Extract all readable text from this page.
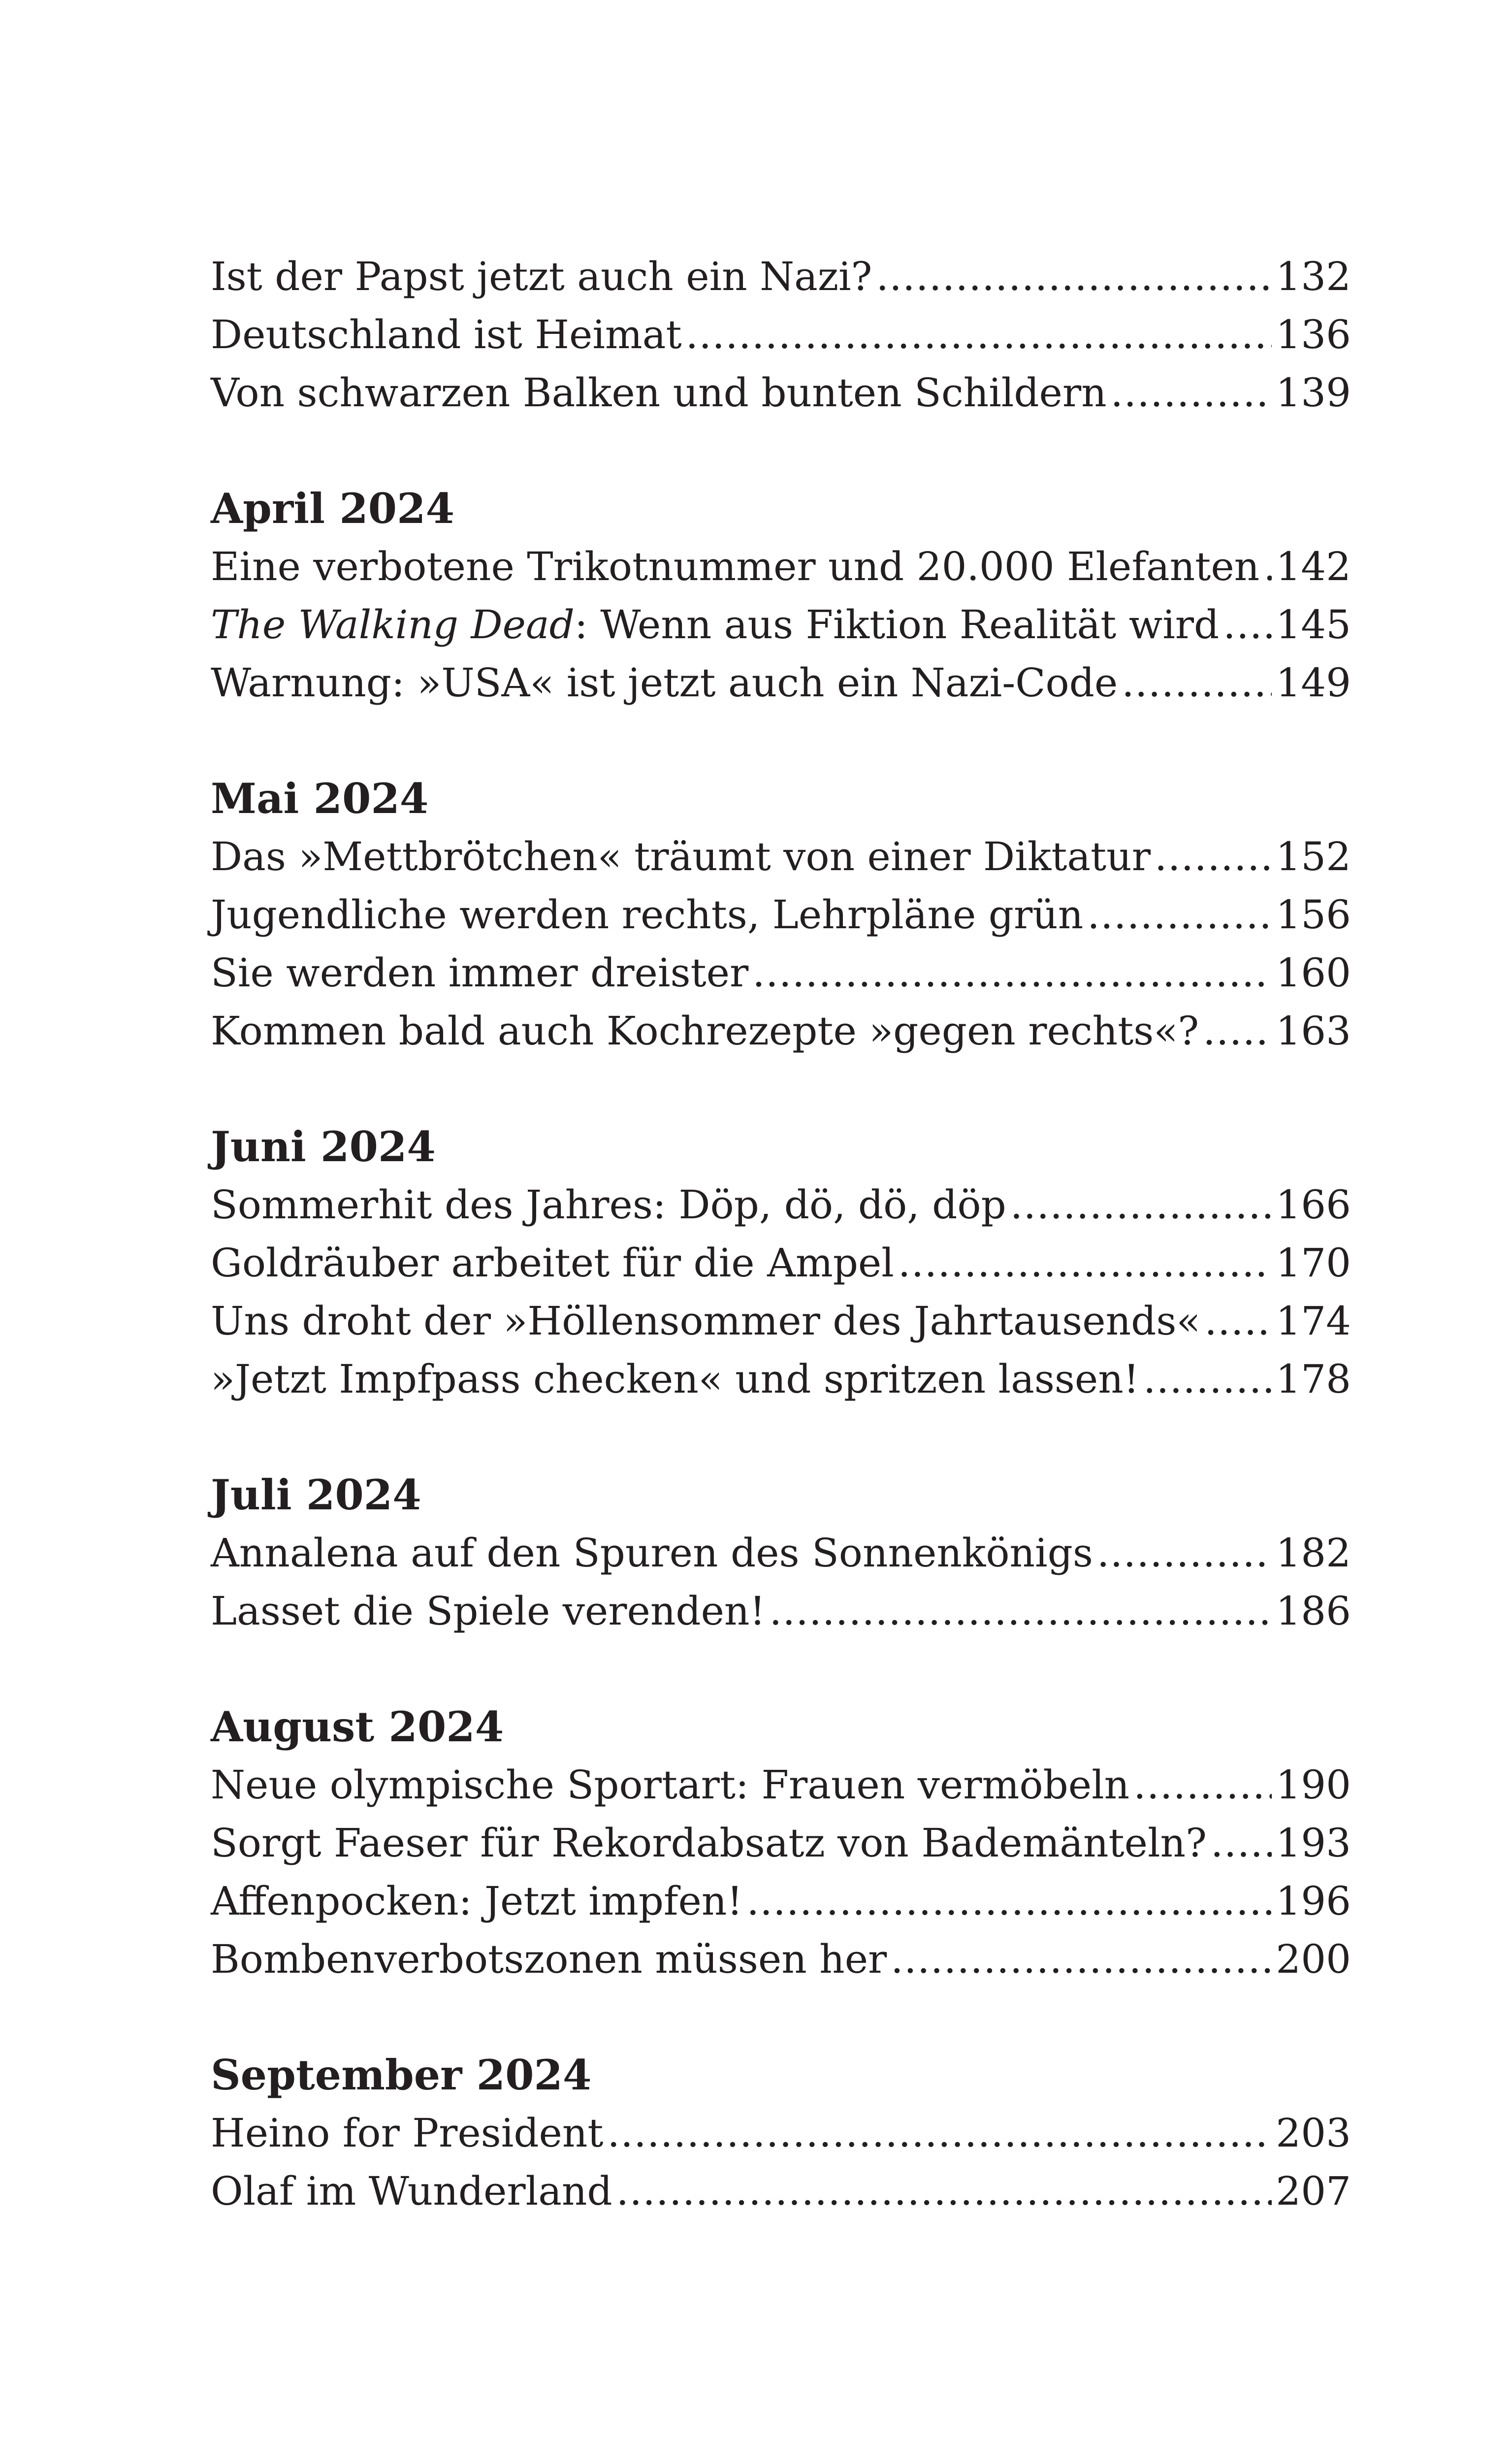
Ist der Papst jetzt auch ein Nazi? . . .	132
Deutschland ist Heimat . . .	136
Von schwarzen Balken und bunten Schildern . . .	139
April 2024
Eine verbotene Trikotnummer und 20.000 Elefanten . . . 142
The Walking Dead: Wenn aus Fiktion Realität wird . . . 145
Warnung: »USA« ist jetzt auch ein Nazi-Code . . .	149
Mai 2024
Das »Mettbrötchen« träumt von einer Diktatur . . .	152
Jugendliche werden rechts, Lehrpläne grün . . .	156
Sie werden immer dreister . . .	160
Kommen bald auch Kochrezepte »gegen rechts«? . . . 163
Juni 2024
Sommerhit des Jahres: Döp, dö, dö, döp . . .	166
Goldräuber arbeitet für die Ampel . . .	170
Uns droht der »Höllensommer des Jahrtausends« . . . 174
»Jetzt Impfpass checken« und spritzen lassen! . . .	178
Juli 2024
Annalena auf den Spuren des Sonnenkönigs . . .	182
Lasset die Spiele verenden! . . .	186
August 2024
Neue olympische Sportart: Frauen vermöbeln . . .	190
Sorgt Faeser für Rekordabsatz von Bademänteln? . . . 193
Affenpocken: Jetzt impfen! . . .	196
Bombenverbotszonen müssen her . . .	200
September 2024
Heino for President . . .	203
Olaf im Wunderland . . .	207
